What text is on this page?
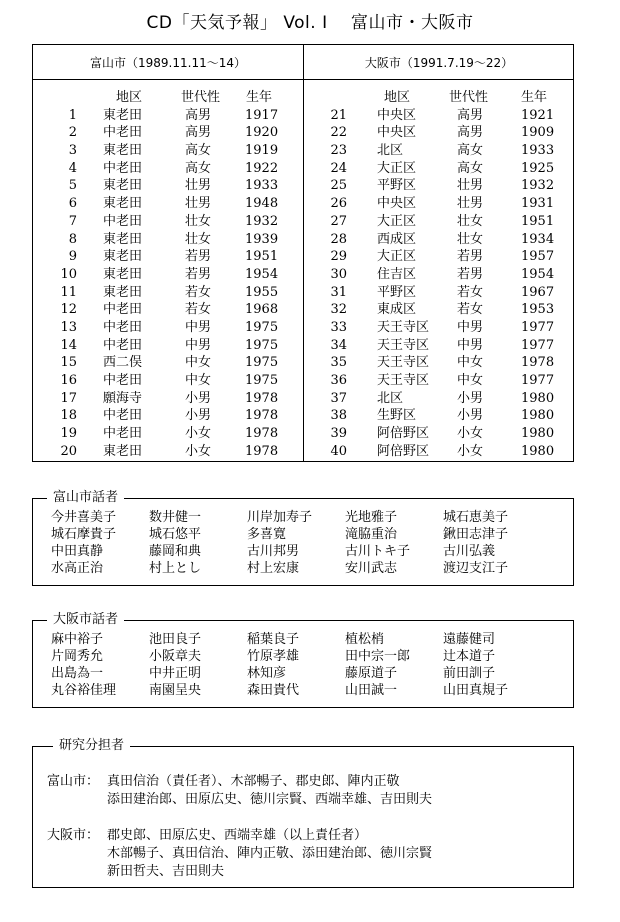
CD「天気予報」 Vol. I　 富山市・大阪市
富山市（1989.11.11～14）	大阪市（1991.7.19～22）
地区	世代性 生年
1 東老田	高男	1917
2 中老田	高男	1920
3 東老田	高女	1919
4 中老田	高女	1922
5 東老田	壮男	1933
6 東老田	壮男	1948
7 中老田	壮女	1932
8 東老田	壮女	1939
9 東老田	若男	1951
10 東老田	若男	1954
11 東老田	若女	1955
12 中老田	若女	1968
13 中老田	中男	1975
14 中老田	中男	1975
15 西二俣	中女	1975
16 中老田	中女	1975
17 願海寺	小男	1978
18 中老田	小男	1978
19 中老田	小女	1978
20 東老田	小女	1978
地区	世代性	生年
21 中央区	高男	1921
22 中央区	高男	1909
23 北区	高女	1933
24 大正区	高女	1925
25 平野区	壮男	1932
26 中央区	壮男	1931
27 大正区	壮女	1951
28 西成区	壮女	1934
29 大正区	若男	1957
30 住吉区	若男	1954
31 平野区	若女	1967
32 東成区	若女	1953
33 天王寺区 中男	1977
34 天王寺区 中男	1977
35 天王寺区 中女	1978
36 天王寺区 中女	1977
37 北区	小男	1980
38 生野区	小男	1980
39 阿倍野区 小女	1980
40 阿倍野区 小女	1980
富山市話者
今井喜美子	数井健一	川岸加寿子	光地雅子	城石恵美子
城石摩貴子	城石悠平	多喜寛	滝脇重治	鍬田志津子
中田真静	藤岡和典	古川邦男	古川トキ子	古川弘義
水高正治	村上とし	村上宏康	安川武志	渡辺支江子
大阪市話者
麻中裕子	池田良子	稲葉良子	植松梢	遠藤健司
片岡秀允	小阪章夫	竹原孝雄	田中宗一郎	辻本道子
出島為一	中井正明	林知彦	藤原道子	前田訓子
丸谷裕佳理	南園呈央	森田貴代	山田誠一	山田真規子
研究分担者
富山市： 真田信治（責任者）、木部暢子、郡史郎、陣内正敬
添田建治郎、田原広史、徳川宗賢、西端幸雄、吉田則夫
大阪市： 郡史郎、田原広史、西端幸雄（以上責任者）
木部暢子、真田信治、陣内正敬、添田建治郎、徳川宗賢
新田哲夫、吉田則夫
